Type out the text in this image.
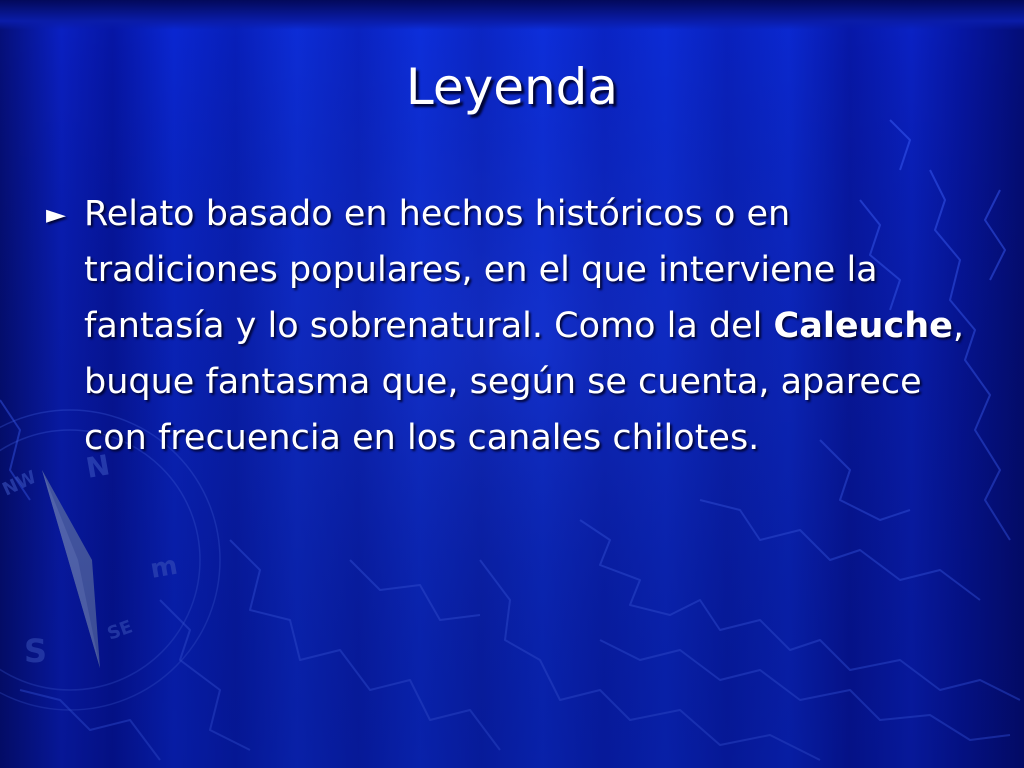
Leyenda
► Relato basado en hechos históricos o en tradiciones populares, en el que interviene la fantasía y lo sobrenatural. Como la del Caleuche, buque fantasma que, según se cuenta, aparece con frecuencia en los canales chilotes.
